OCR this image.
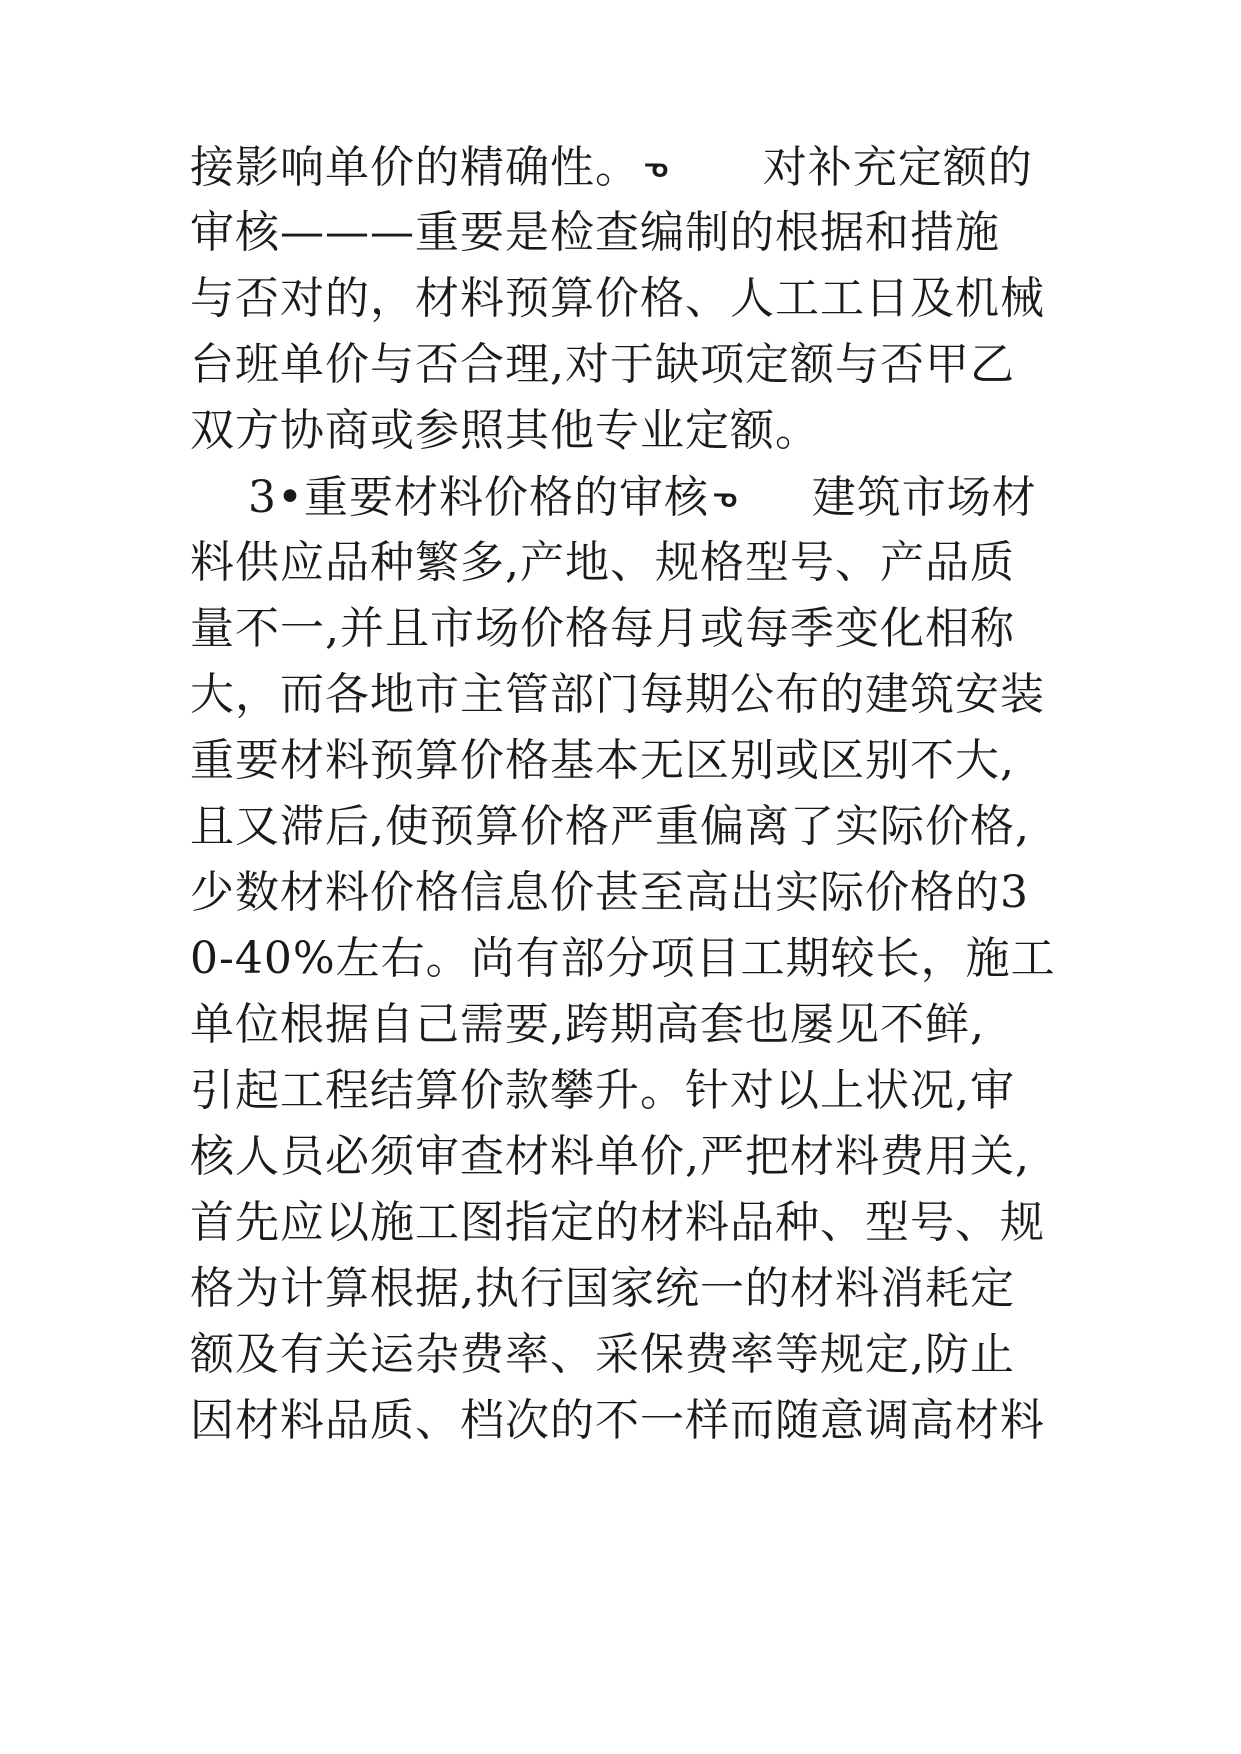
接影响单价的精确性。 ᓀ 对补充定额的
审核———重要是检查编制的根据和措施
与否对的，材料预算价格、人工工日及机械
台班单价与否合理,对于缺项定额与否甲乙
双方协商或参照其他专业定额。
3•重要材料价格的审核 ᓀ 建筑市场材
料供应品种繁多,产地、规格型号、产品质
量不一,并且市场价格每月或每季变化相称
大，而各地市主管部门每期公布的建筑安装
重要材料预算价格基本无区别或区别不大,
且又滞后,使预算价格严重偏离了实际价格,
少数材料价格信息价甚至高出实际价格的3
0-40%左右。尚有部分项目工期较长，施工
单位根据自己需要,跨期高套也屡见不鲜,
引起工程结算价款攀升。针对以上状况,审
核人员必须审查材料单价,严把材料费用关,
首先应以施工图指定的材料品种、型号、规
格为计算根据,执行国家统一的材料消耗定
额及有关运杂费率、采保费率等规定,防止
因材料品质、档次的不一样而随意调高材料
